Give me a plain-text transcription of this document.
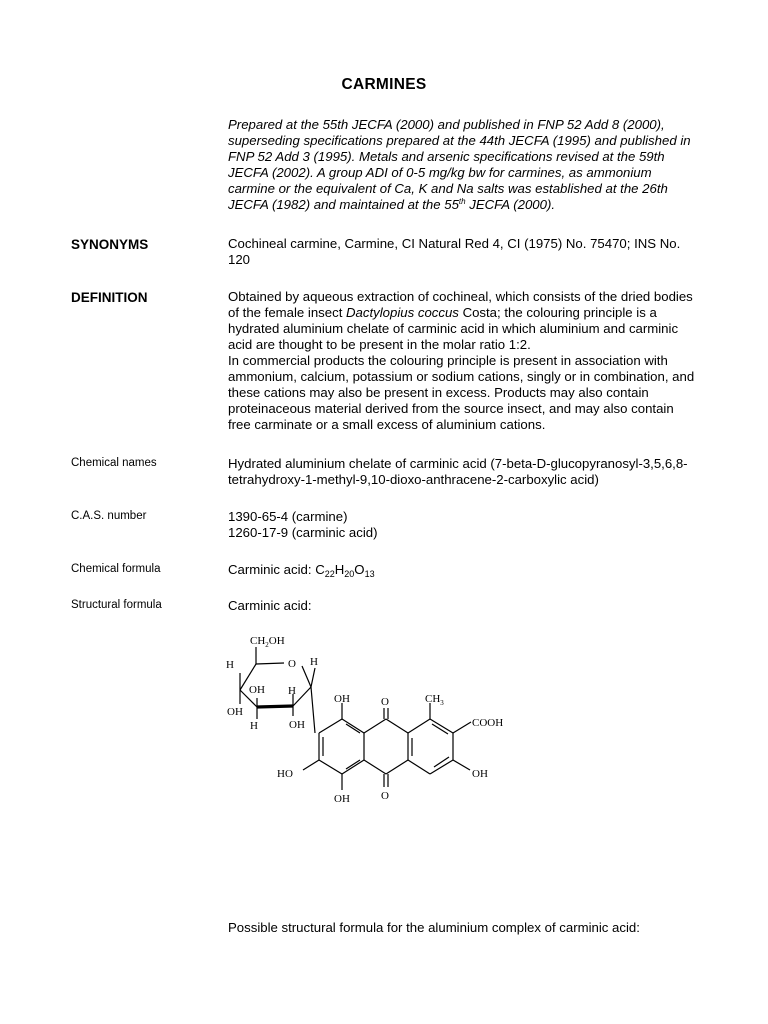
CARMINES

Prepared at the 55th JECFA (2000) and published in FNP 52 Add 8 (2000), superseding specifications prepared at the 44th JECFA (1995) and published in FNP 52 Add 3 (1995). Metals and arsenic specifications revised at the 59th JECFA (2002). A group ADI of 0-5 mg/kg bw for carmines, as ammonium carmine or the equivalent of Ca, K and Na salts was established at the 26th JECFA (1982) and maintained at the 55th JECFA (2000).

SYNONYMS	Cochineal carmine, Carmine, CI Natural Red 4, CI (1975) No. 75470; INS No. 120

DEFINITION	Obtained by aqueous extraction of cochineal, which consists of the dried bodies of the female insect Dactylopius coccus Costa; the colouring principle is a hydrated aluminium chelate of carminic acid in which aluminium and carminic acid are thought to be present in the molar ratio 1:2.

In commercial products the colouring principle is present in association with ammonium, calcium, potassium or sodium cations, singly or in combination, and these cations may also be present in excess. Products may also contain proteinaceous material derived from the source insect, and may also contain free carminate or a small excess of aluminium cations.

Chemical names	Hydrated aluminium chelate of carminic acid (7-beta-D-glucopyranosyl-3,5,6,8-tetrahydroxy-1-methyl-9,10-dioxo-anthracene-2-carboxylic acid)

C.A.S. number	1390-65-4 (carmine)

1260-17-9 (carminic acid)

Chemical formula	Carminic acid: $C_{22}H_{20}O_{13}$
Structural formula	Carminic acid:
$CH_2OH$
H	O H
OH H
OH
H	OH
OH	O	$CH_3$
COOH
HO	OH
O
OH
Possible structural formula for the aluminium complex of carminic acid:
